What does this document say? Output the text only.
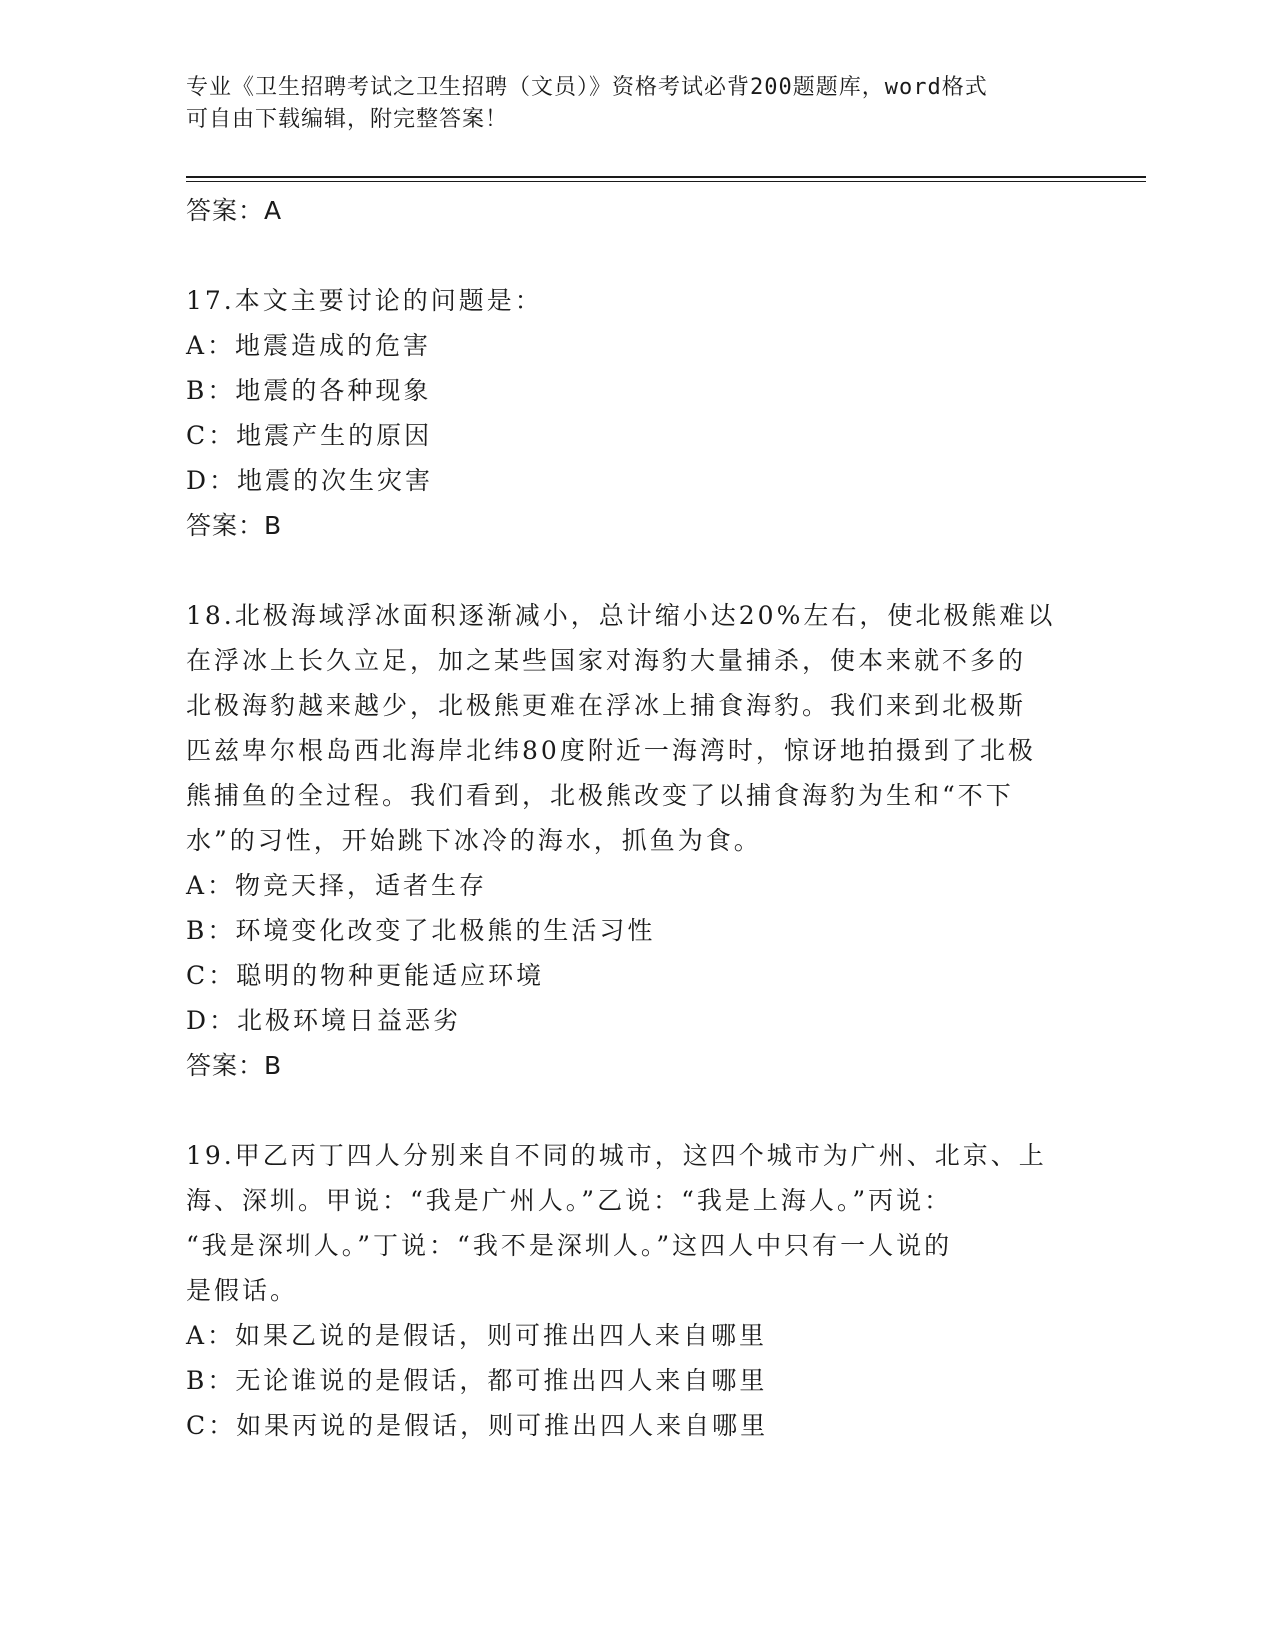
专业《卫生招聘考试之卫生招聘（文员）》资格考试必背200题题库，word格式
可自由下载编辑，附完整答案！
答案：A
17.本文主要讨论的问题是：
A：地震造成的危害
B：地震的各种现象
C：地震产生的原因
D：地震的次生灾害
答案：B
18.北极海域浮冰面积逐渐减小，总计缩小达20%左右，使北极熊难以
在浮冰上长久立足，加之某些国家对海豹大量捕杀，使本来就不多的
北极海豹越来越少，北极熊更难在浮冰上捕食海豹。我们来到北极斯
匹兹卑尔根岛西北海岸北纬80度附近一海湾时，惊讶地拍摄到了北极
熊捕鱼的全过程。我们看到，北极熊改变了以捕食海豹为生和“不下
水”的习性，开始跳下冰冷的海水，抓鱼为食。
A：物竞天择，适者生存
B：环境变化改变了北极熊的生活习性
C：聪明的物种更能适应环境
D：北极环境日益恶劣
答案：B
19.甲乙丙丁四人分别来自不同的城市，这四个城市为广州、北京、上
海、深圳。甲说：“我是广州人。”乙说：“我是上海人。”丙说：
“我是深圳人。”丁说：“我不是深圳人。”这四人中只有一人说的
是假话。
A：如果乙说的是假话，则可推出四人来自哪里
B：无论谁说的是假话，都可推出四人来自哪里
C：如果丙说的是假话，则可推出四人来自哪里
